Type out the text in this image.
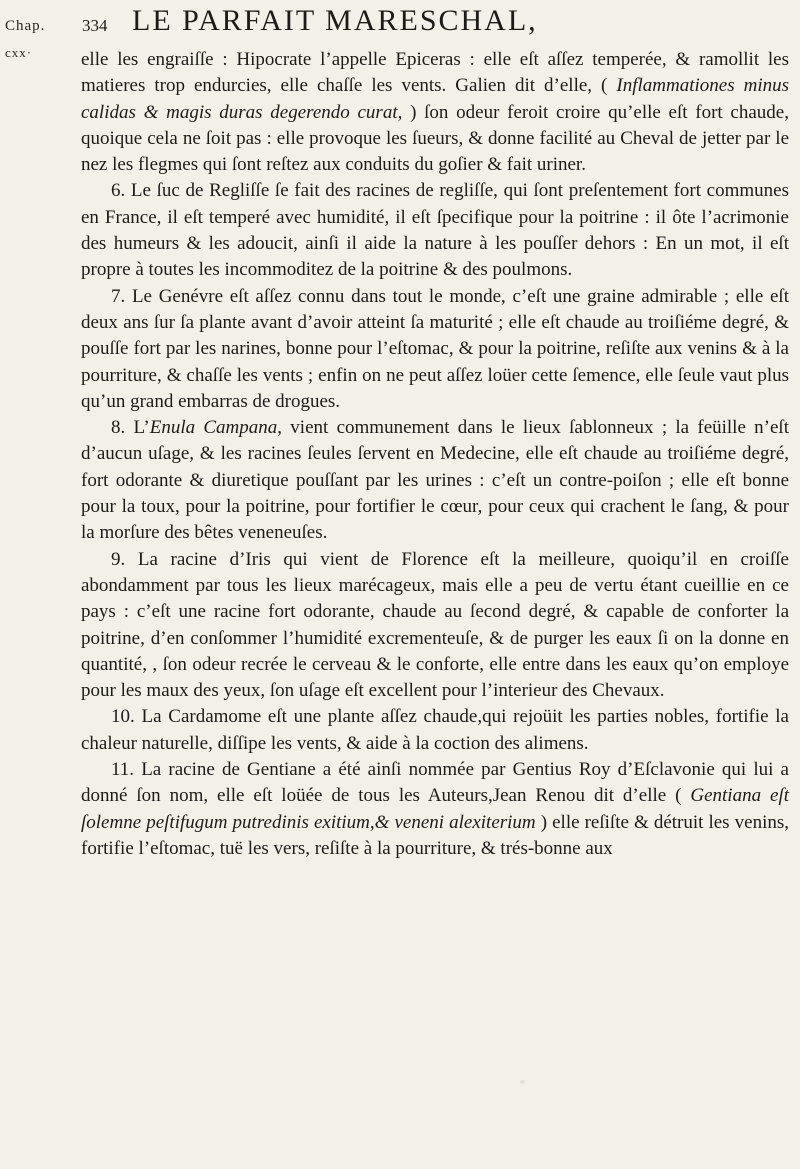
Chap.
cxx·
334 LE PARFAIT MARESCHAL,

elle les engraiſſe : Hipocrate l’appelle Epiceras : elle eſt aſſez temperée, & ramollit les matieres trop endurcies, elle chaſſe les vents. Galien dit d’elle, ( Inflammationes minus calidas & magis duras degerendo curat, ) ſon odeur feroit croire qu’elle eſt fort chaude, quoique cela ne ſoit pas : elle provoque les ſueurs, & donne facilité au Cheval de jetter par le nez les flegmes qui ſont reſtez aux conduits du goſier & fait uriner.

6. Le ſuc de Regliſſe ſe fait des racines de regliſſe, qui ſont preſentement fort communes en France, il eſt temperé avec humidité, il eſt ſpecifique pour la poitrine : il ôte l’acrimonie des humeurs & les adoucit, ainſi il aide la nature à les pouſſer dehors : En un mot, il eſt propre à toutes les incommoditez de la poitrine & des poulmons.

7. Le Genévre eſt aſſez connu dans tout le monde, c’eſt une graine admirable ; elle eſt deux ans ſur ſa plante avant d’avoir atteint ſa maturité ; elle eſt chaude au troiſiéme degré, & pouſſe fort par les narines, bonne pour l’eſtomac, & pour la poitrine, reſiſte aux venins & à la pourriture, & chaſſe les vents ; enfin on ne peut aſſez loüer cette ſemence, elle ſeule vaut plus qu’un grand embarras de drogues.

8. L’Enula Campana, vient communement dans le lieux ſablonneux ; la feüille n’eſt d’aucun uſage, & les racines ſeules ſervent en Medecine, elle eſt chaude au troiſiéme degré, fort odorante & diuretique pouſſant par les urines : c’eſt un contre-poiſon ; elle eſt bonne pour la toux, pour la poitrine, pour fortifier le cœur, pour ceux qui crachent le ſang, & pour la morſure des bêtes veneneuſes.

9. La racine d’Iris qui vient de Florence eſt la meilleure, quoiqu’il en croiſſe abondamment par tous les lieux marécageux, mais elle a peu de vertu étant cueillie en ce pays : c’eſt une racine fort odorante, chaude au ſecond degré, & capable de conforter la poitrine, d’en conſommer l’humidité excrementeuſe, & de purger les eaux ſi on la donne en quantité, , ſon odeur recrée le cerveau & le conforte, elle entre dans les eaux qu’on employe pour les maux des yeux, ſon uſage eſt excellent pour l’interieur des Chevaux.

10. La Cardamome eſt une plante aſſez chaude,qui rejoüit les parties nobles, fortifie la chaleur naturelle, diſſipe les vents, & aide à la coction des alimens.

11. La racine de Gentiane a été ainſi nommée par Gentius Roy d’Eſclavonie qui lui a donné ſon nom, elle eſt loüée de tous les Auteurs,Jean Renou dit d’elle ( Gentiana eſt ſolemne peſtifugum putredinis exitium,& veneni alexiterium ) elle reſiſte & détruit les venins, fortifie l’eſtomac, tuë les vers, reſiſte à la pourriture, & trés-bonne aux
